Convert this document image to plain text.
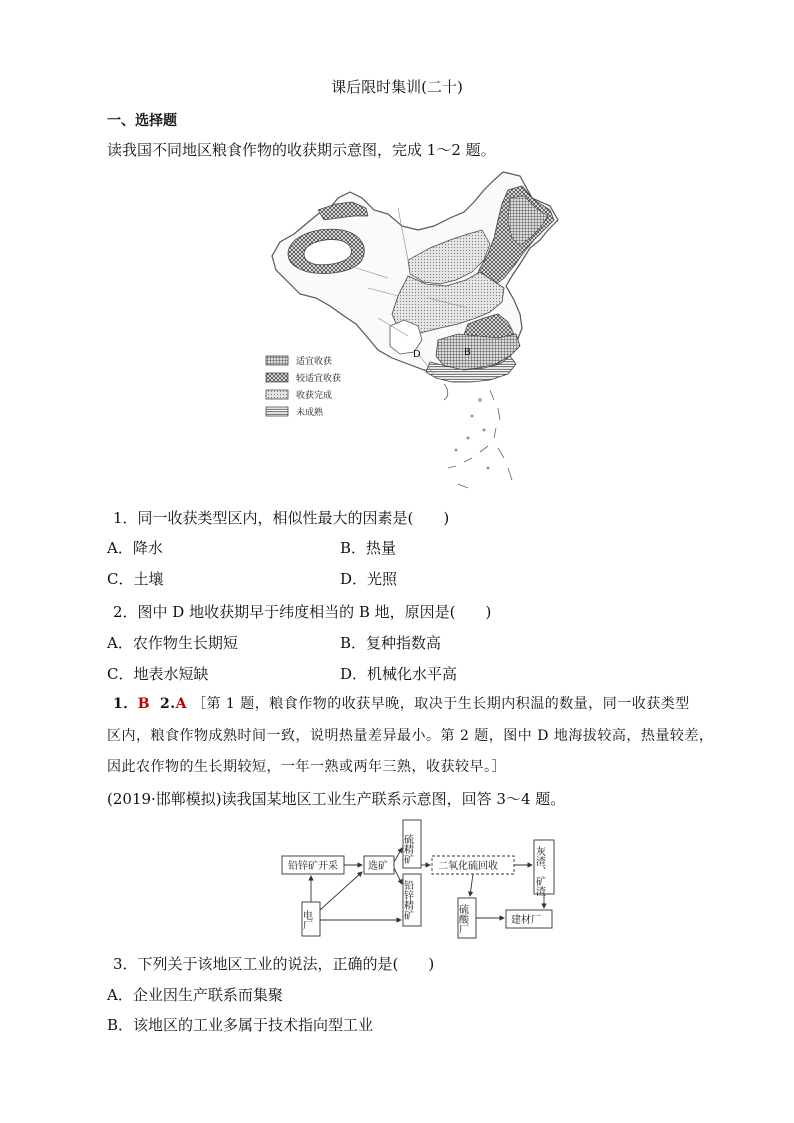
课后限时集训(二十)
一、选择题
读我国不同地区粮食作物的收获期示意图，完成 1～2 题。
D	B
适宜收获
较适宜收获
收获完成
未成熟
1．同一收获类型区内，相似性最大的因素是(　　)
A．降水	B．热量
C．土壤	D．光照
2．图中 D 地收获期早于纬度相当的 B 地，原因是(　　)
A．农作物生长期短	B．复种指数高
C．地表水短缺	D．机械化水平高
1．B 2.A ［第 1 题，粮食作物的收获早晚，取决于生长期内积温的数量，同一收获类型
区内，粮食作物成熟时间一致，说明热量差异最小。第 2 题，图中 D 地海拔较高，热量较差，
因此农作物的生长期较短，一年一熟或两年三熟，收获较早。］
(2019·邯郸模拟)读我国某地区工业生产联系示意图，回答 3～4 题。
铅锌矿开采	选矿
硫精矿
铅锌精矿
二氧化硫回收	灰渣、矿渣
电厂	硫酸厂	建材厂
3．下列关于该地区工业的说法，正确的是(　　)
A．企业因生产联系而集聚
B．该地区的工业多属于技术指向型工业
